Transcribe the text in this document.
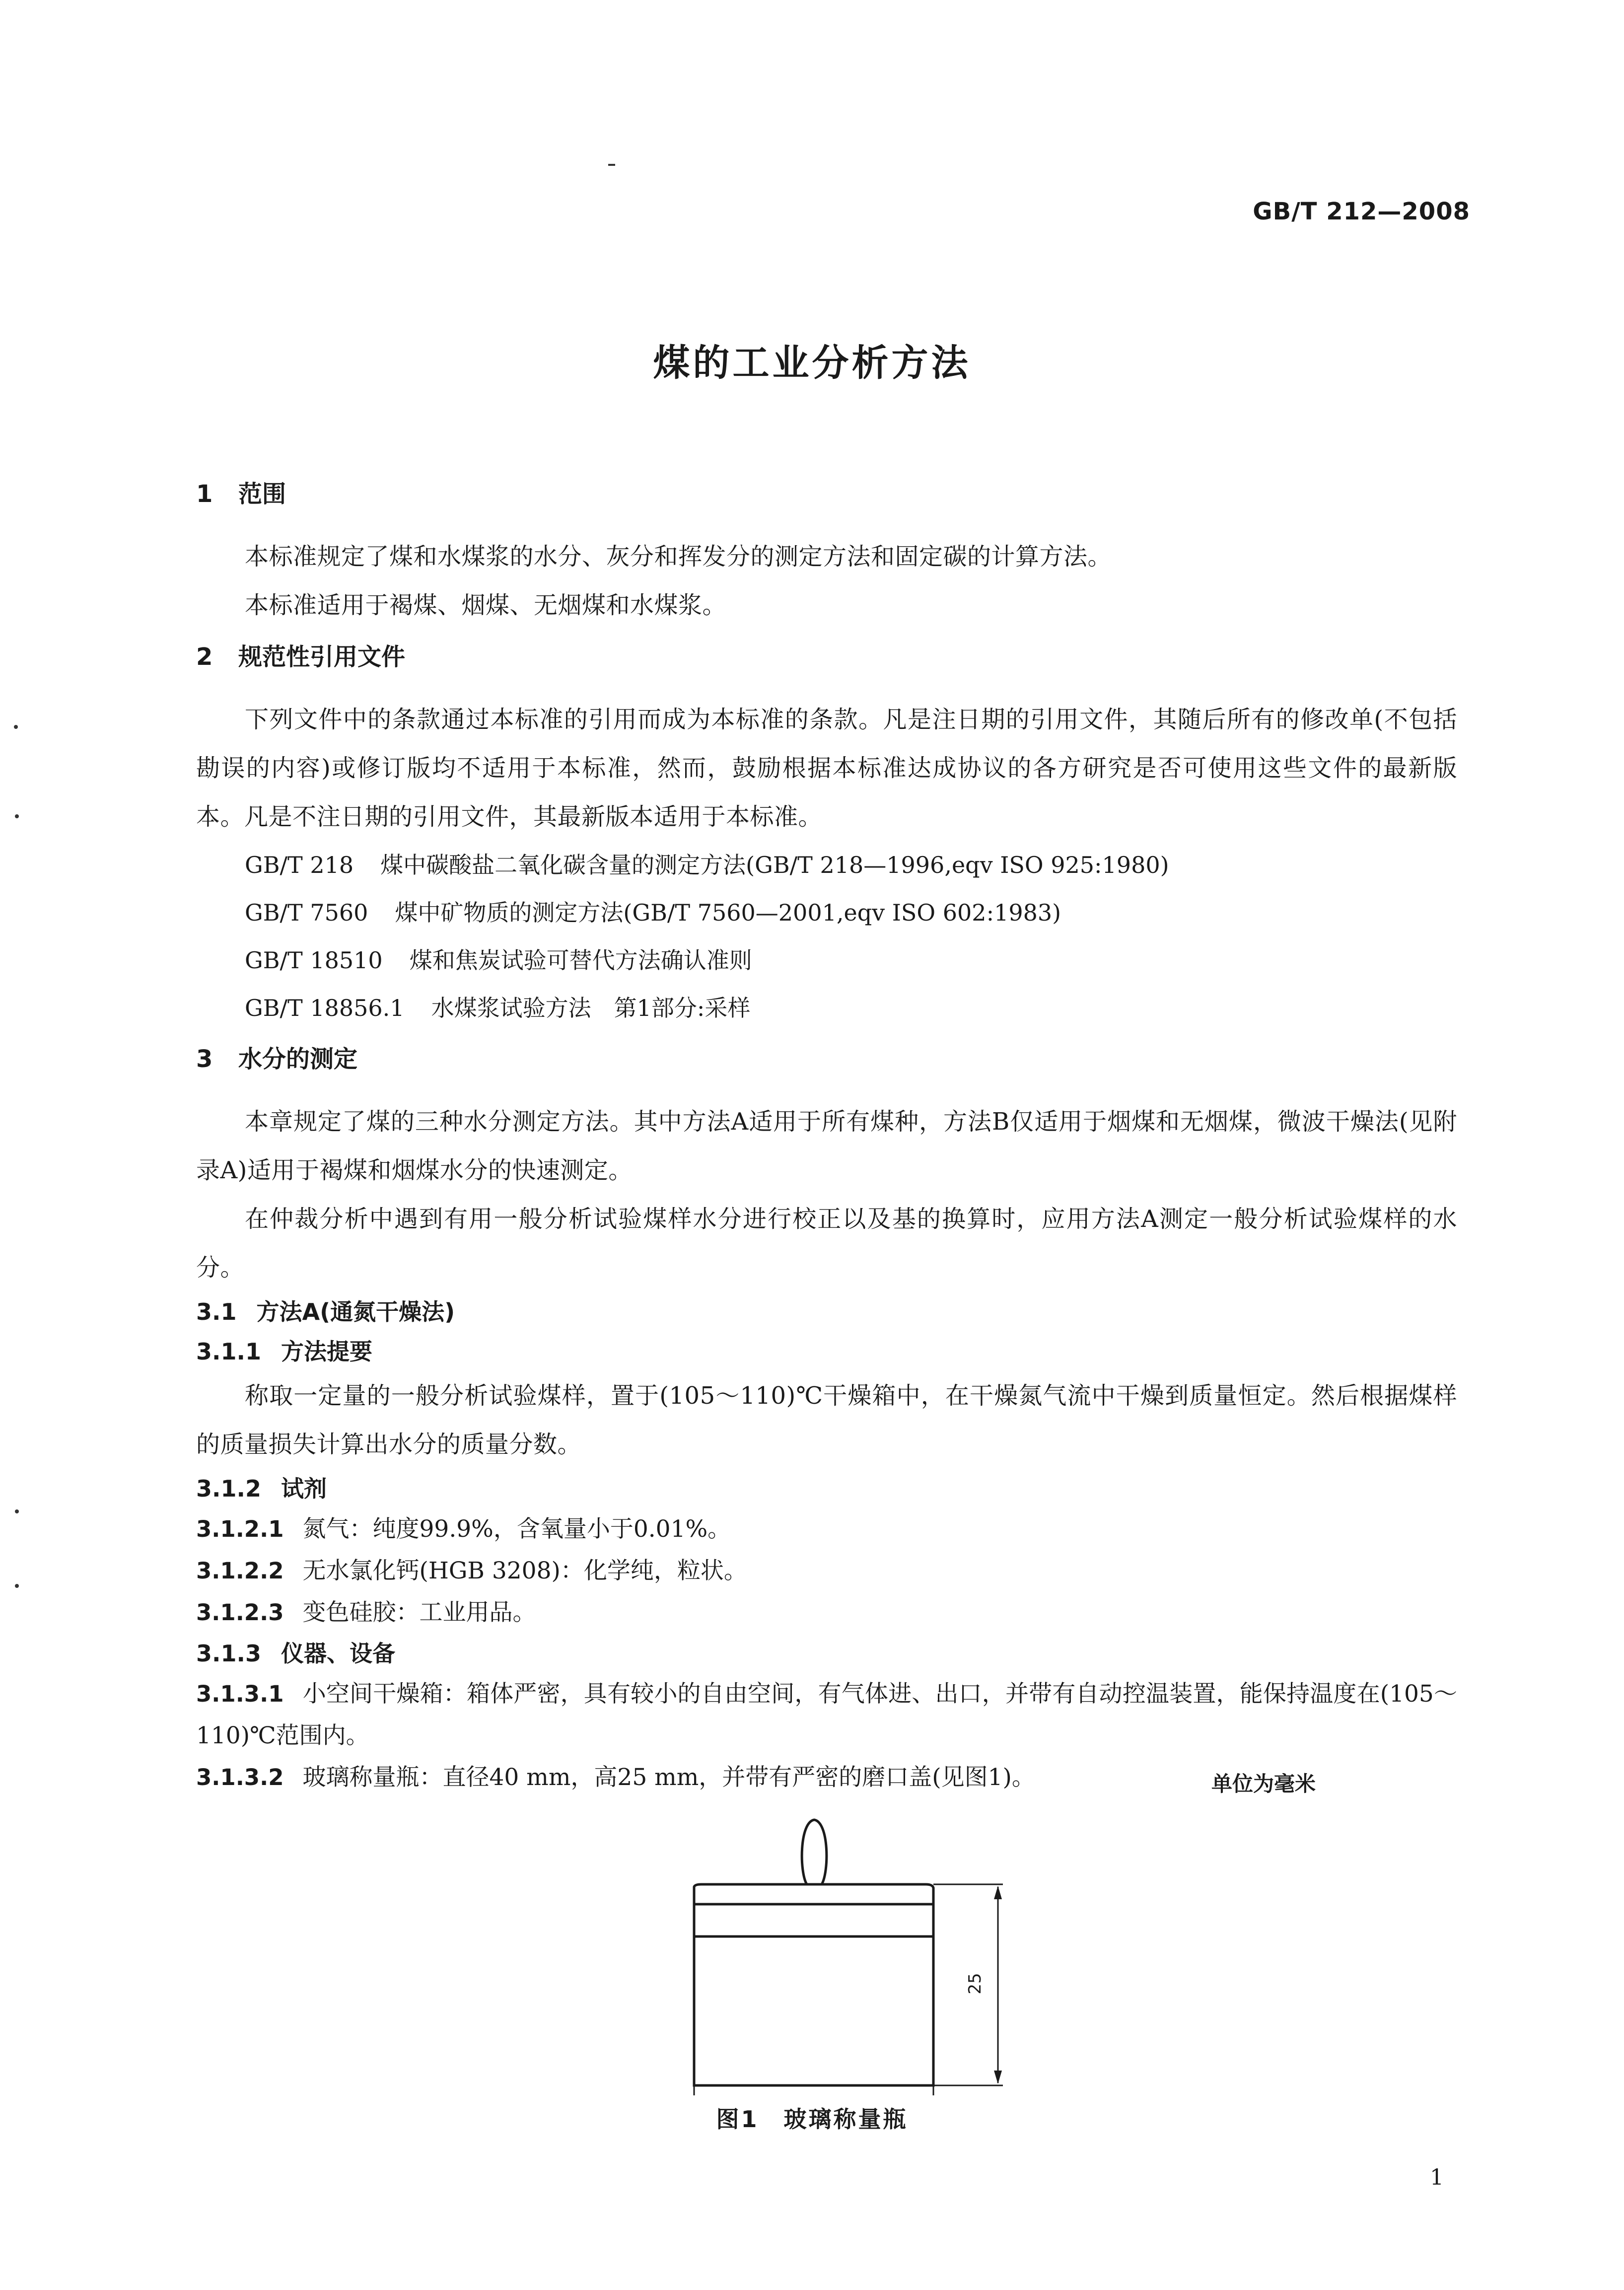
GB/T 212—2008
煤的工业分析方法
1 范围

本标准规定了煤和水煤浆的水分、灰分和挥发分的测定方法和固定碳的计算方法。

本标准适用于褐煤、烟煤、无烟煤和水煤浆。

2 规范性引用文件

下列文件中的条款通过本标准的引用而成为本标准的条款。凡是注日期的引用文件，其随后所有的修改单(不包括勘误的内容)或修订版均不适用于本标准，然而，鼓励根据本标准达成协议的各方研究是否可使用这些文件的最新版本。凡是不注日期的引用文件，其最新版本适用于本标准。

GB/T 218 煤中碳酸盐二氧化碳含量的测定方法(GB/T 218—1996,eqv ISO 925:1980)
GB/T 7560 煤中矿物质的测定方法(GB/T 7560—2001,eqv ISO 602:1983)
GB/T 18510 煤和焦炭试验可替代方法确认准则
GB/T 18856.1 水煤浆试验方法　第1部分:采样
3 水分的测定

本章规定了煤的三种水分测定方法。其中方法A适用于所有煤种，方法B仅适用于烟煤和无烟煤，微波干燥法(见附录A)适用于褐煤和烟煤水分的快速测定。

在仲裁分析中遇到有用一般分析试验煤样水分进行校正以及基的换算时，应用方法A测定一般分析试验煤样的水分。

3.1 方法A(通氮干燥法)
3.1.1 方法提要

称取一定量的一般分析试验煤样，置于(105～110)℃干燥箱中，在干燥氮气流中干燥到质量恒定。然后根据煤样的质量损失计算出水分的质量分数。

3.1.2 试剂

3.1.2.1 氮气：纯度99.9%，含氧量小于0.01%。

3.1.2.2 无水氯化钙(HGB 3208)：化学纯，粒状。

3.1.2.3 变色硅胶：工业用品。

3.1.3 仪器、设备

3.1.3.1 小空间干燥箱：箱体严密，具有较小的自由空间，有气体进、出口，并带有自动控温装置，能保持温度在(105～110)℃范围内。

3.1.3.2 玻璃称量瓶：直径40 mm，高25 mm，并带有严密的磨口盖(见图1)。	单位为毫米
25
图1　玻璃称量瓶
1
